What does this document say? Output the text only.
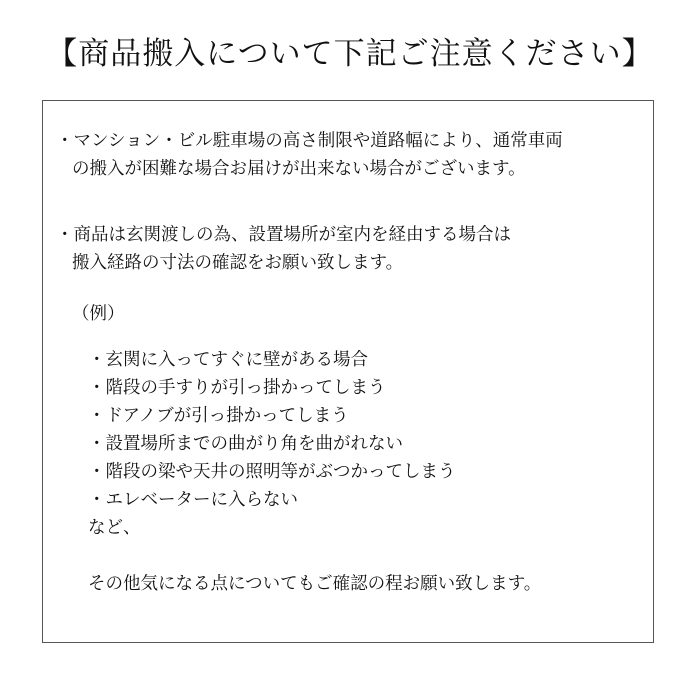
【商品搬入について下記ご注意ください】
・マンション・ビル駐車場の高さ制限や道路幅により、通常車両
の搬入が困難な場合お届けが出来ない場合がございます。
・商品は玄関渡しの為、設置場所が室内を経由する場合は
搬入経路の寸法の確認をお願い致します。
（例）
・玄関に入ってすぐに壁がある場合
・階段の手すりが引っ掛かってしまう
・ドアノブが引っ掛かってしまう
・設置場所までの曲がり角を曲がれない
・階段の梁や天井の照明等がぶつかってしまう
・エレベーターに入らない
など、
その他気になる点についてもご確認の程お願い致します。
